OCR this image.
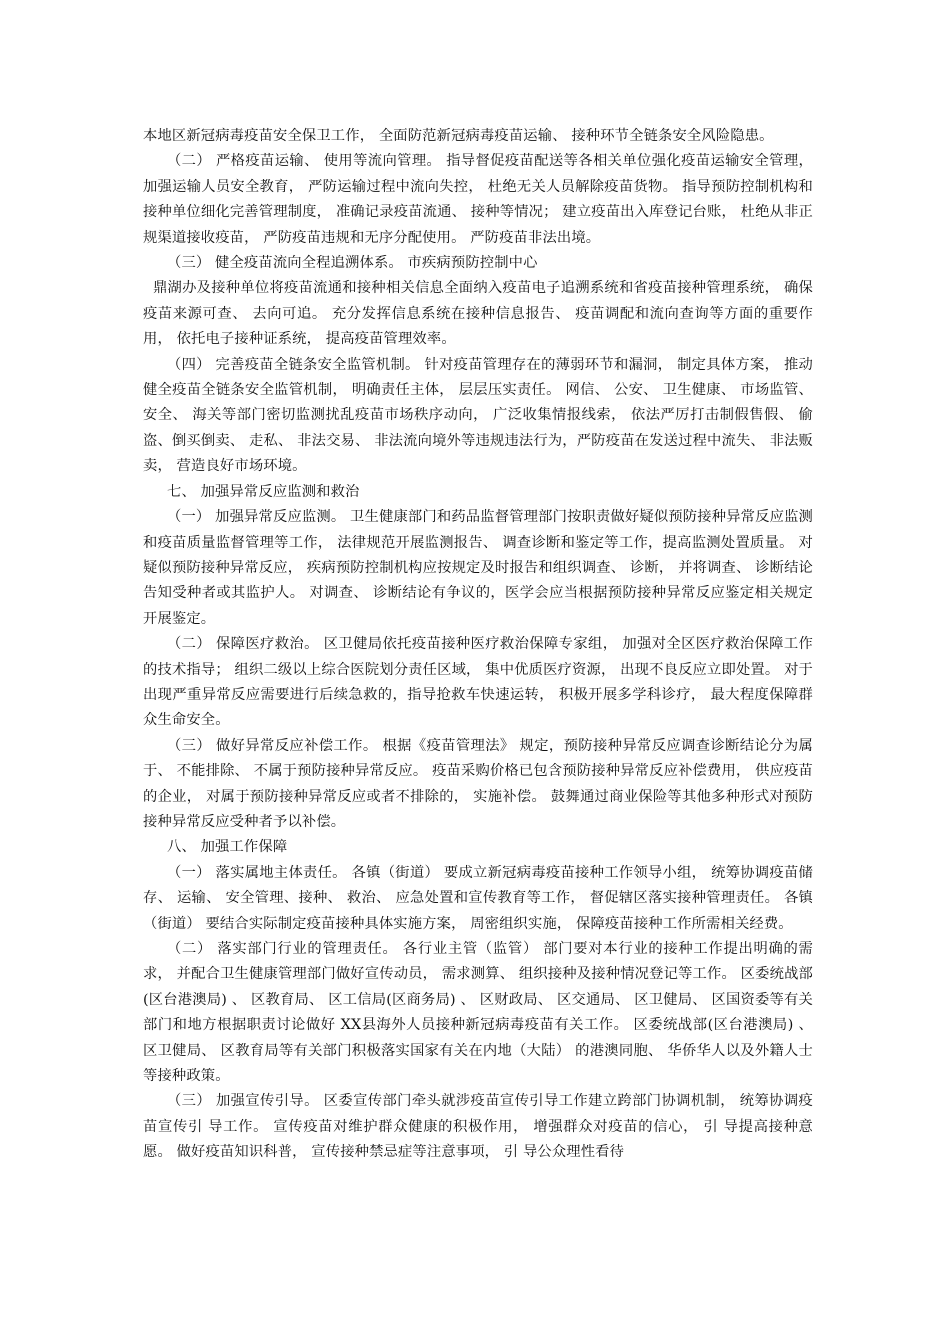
本地区新冠病毒疫苗安全保卫工作， 全面防范新冠病毒疫苗运输、 接种环节全链条安全风险隐患。

（二） 严格疫苗运输、 使用等流向管理。 指导督促疫苗配送等各相关单位强化疫苗运输安全管理， 加强运输人员安全教育， 严防运输过程中流向失控， 杜绝无关人员解除疫苗货物。 指导预防控制机构和接种单位细化完善管理制度， 准确记录疫苗流通、 接种等情况； 建立疫苗出入库登记台账， 杜绝从非正规渠道接收疫苗， 严防疫苗违规和无序分配使用。 严防疫苗非法出境。

（三） 健全疫苗流向全程追溯体系。 市疾病预防控制中心

鼎湖办及接种单位将疫苗流通和接种相关信息全面纳入疫苗电子追溯系统和省疫苗接种管理系统， 确保疫苗来源可查、 去向可追。 充分发挥信息系统在接种信息报告、 疫苗调配和流向查询等方面的重要作用， 依托电子接种证系统， 提高疫苗管理效率。

（四） 完善疫苗全链条安全监管机制。 针对疫苗管理存在的薄弱环节和漏洞， 制定具体方案， 推动健全疫苗全链条安全监管机制， 明确责任主体， 层层压实责任。 网信、 公安、 卫生健康、 市场监管、 安全、 海关等部门密切监测扰乱疫苗市场秩序动向， 广泛收集情报线索， 依法严厉打击制假售假、 偷盗、倒买倒卖、 走私、 非法交易、 非法流向境外等违规违法行为，严防疫苗在发送过程中流失、 非法贩卖， 营造良好市场环境。

七、 加强异常反应监测和救治

（一） 加强异常反应监测。 卫生健康部门和药品监督管理部门按职责做好疑似预防接种异常反应监测和疫苗质量监督管理等工作， 法律规范开展监测报告、 调查诊断和鉴定等工作，提高监测处置质量。 对疑似预防接种异常反应， 疾病预防控制机构应按规定及时报告和组织调查、 诊断， 并将调查、 诊断结论告知受种者或其监护人。 对调查、 诊断结论有争议的，医学会应当根据预防接种异常反应鉴定相关规定开展鉴定。

（二） 保障医疗救治。 区卫健局依托疫苗接种医疗救治保障专家组， 加强对全区医疗救治保障工作的技术指导； 组织二级以上综合医院划分责任区域， 集中优质医疗资源， 出现不良反应立即处置。 对于出现严重异常反应需要进行后续急救的，指导抢救车快速运转， 积极开展多学科诊疗， 最大程度保障群众生命安全。

（三） 做好异常反应补偿工作。 根据《疫苗管理法》 规定，预防接种异常反应调查诊断结论分为属于、 不能排除、 不属于预防接种异常反应。 疫苗采购价格已包含预防接种异常反应补偿费用， 供应疫苗的企业， 对属于预防接种异常反应或者不排除的， 实施补偿。 鼓舞通过商业保险等其他多种形式对预防接种异常反应受种者予以补偿。

八、 加强工作保障

（一） 落实属地主体责任。 各镇（街道） 要成立新冠病毒疫苗接种工作领导小组， 统筹协调疫苗储存、 运输、 安全管理、接种、 救治、 应急处置和宣传教育等工作， 督促辖区落实接种管理责任。 各镇（街道） 要结合实际制定疫苗接种具体实施方案， 周密组织实施， 保障疫苗接种工作所需相关经费。

（二） 落实部门行业的管理责任。 各行业主管（监管） 部门要对本行业的接种工作提出明确的需求， 并配合卫生健康管理部门做好宣传动员， 需求测算、 组织接种及接种情况登记等工作。 区委统战部(区台港澳局) 、 区教育局、 区工信局(区商务局) 、 区财政局、 区交通局、 区卫健局、 区国资委等有关部门和地方根据职责讨论做好 XX县海外人员接种新冠病毒疫苗有关工作。 区委统战部(区台港澳局) 、 区卫健局、 区教育局等有关部门积极落实国家有关在内地（大陆） 的港澳同胞、 华侨华人以及外籍人士等接种政策。

（三） 加强宣传引导。 区委宣传部门牵头就涉疫苗宣传引导工作建立跨部门协调机制， 统筹协调疫苗宣传引 导工作。 宣传疫苗对维护群众健康的积极作用， 增强群众对疫苗的信心， 引 导提高接种意愿。 做好疫苗知识科普， 宣传接种禁忌症等注意事项， 引 导公众理性看待
